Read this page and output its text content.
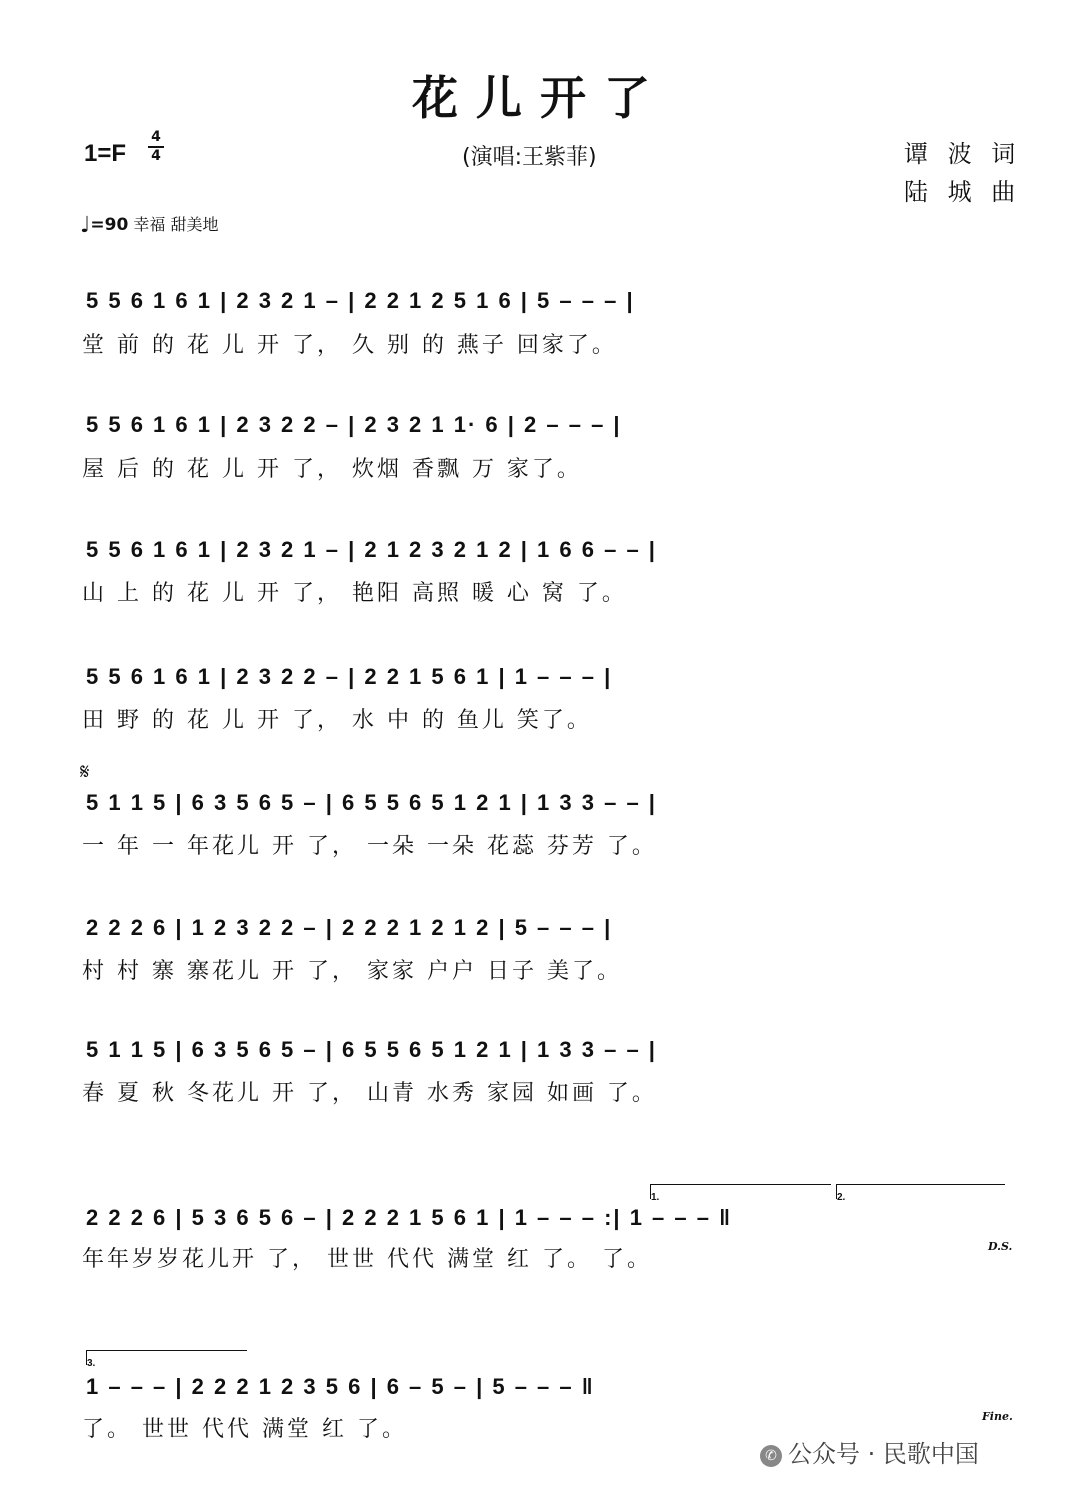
花儿开了
1=F
4
4	(演唱:王紫菲)	谭 波 词
陆 城 曲
♩=90 幸福 甜美地
5 5 6 1 6 1 | 2 3 2 1 – | 2 2 1 2 5 1 6 | 5 – – – |
堂 前 的 花 儿 开 了， 久 别 的 燕子 回家了。
5 5 6 1 6 1 | 2 3 2 2 – | 2 3 2 1 1· 6 | 2 – – – |
屋 后 的 花 儿 开 了， 炊烟 香飘 万 家了。
5 5 6 1 6 1 | 2 3 2 1 – | 2 1 2 3 2 1 2 | 1 6 6 – – |
山 上 的 花 儿 开 了， 艳阳 高照 暖 心 窝 了。
5 5 6 1 6 1 | 2 3 2 2 – | 2 2 1 5 6 1 | 1 – – – |
田 野 的 花 儿 开 了， 水 中 的 鱼儿 笑了。
𝄋
5 1 1 5 | 6 3 5 6 5 – | 6 5 5 6 5 1 2 1 | 1 3 3 – – |
一 年 一 年花儿 开 了， 一朵 一朵 花蕊 芬芳 了。
2 2 2 6 | 1 2 3 2 2 – | 2 2 2 1 2 1 2 | 5 – – – |
村 村 寨 寨花儿 开 了， 家家 户户 日子 美了。
5 1 1 5 | 6 3 5 6 5 – | 6 5 5 6 5 1 2 1 | 1 3 3 – – |
春 夏 秋 冬花儿 开 了， 山青 水秀 家园 如画 了。
1.	2.
2 2 2 6 | 5 3 6 5 6 – | 2 2 2 1 5 6 1 | 1 – – – :| 1 – – – ‖
年年岁岁花儿开 了， 世世 代代 满堂 红 了。 了。
D.S.
3.
1 – – – | 2 2 2 1 2 3 5 6 | 6 – 5 – | 5 – – – ‖
了。 世世 代代 满堂 红 了。
Fine.
✆ 公众号 · 民歌中国
